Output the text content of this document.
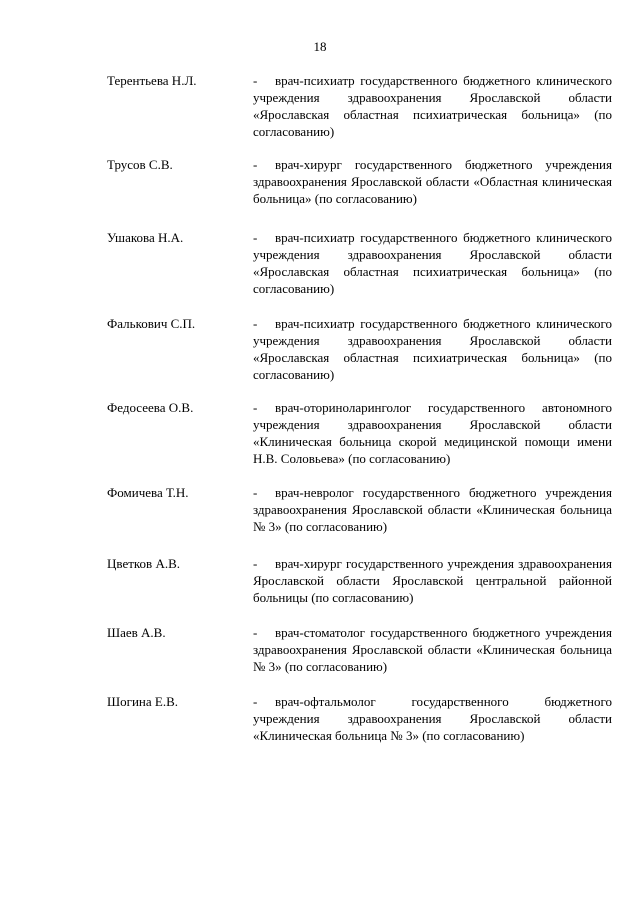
18
Терентьева Н.Л.	- врач-психиатр государственного бюджетного клинического учреждения здравоохранения Ярославской области «Ярославская областная психиатрическая больница» (по согласованию)
Трусов С.В.	- врач-хирург государственного бюджетного учреждения здравоохранения Ярославской области «Областная клиническая больница» (по согласованию)
Ушакова Н.А.	- врач-психиатр государственного бюджетного клинического учреждения здравоохранения Ярославской области «Ярославская областная психиатрическая больница» (по согласованию)
Фалькович С.П.	- врач-психиатр государственного бюджетного клинического учреждения здравоохранения Ярославской области «Ярославская областная психиатрическая больница» (по согласованию)
Федосеева О.В.	- врач-оториноларинголог государственного автономного учреждения здравоохранения Ярославской области «Клиническая больница скорой медицинской помощи имени Н.В. Соловьева» (по согласованию)
Фомичева Т.Н.	- врач-невролог государственного бюджетного учреждения здравоохранения Ярославской области «Клиническая больница № 3» (по согласованию)
Цветков А.В.	- врач-хирург государственного учреждения здравоохранения Ярославской области Ярославской центральной районной больницы (по согласованию)
Шаев А.В.	- врач-стоматолог государственного бюджетного учреждения здравоохранения Ярославской области «Клиническая больница № 3» (по согласованию)
Шогина Е.В.	- врач-офтальмолог государственного бюджетного учреждения здравоохранения Ярославской области «Клиническая больница № 3» (по согласованию)
